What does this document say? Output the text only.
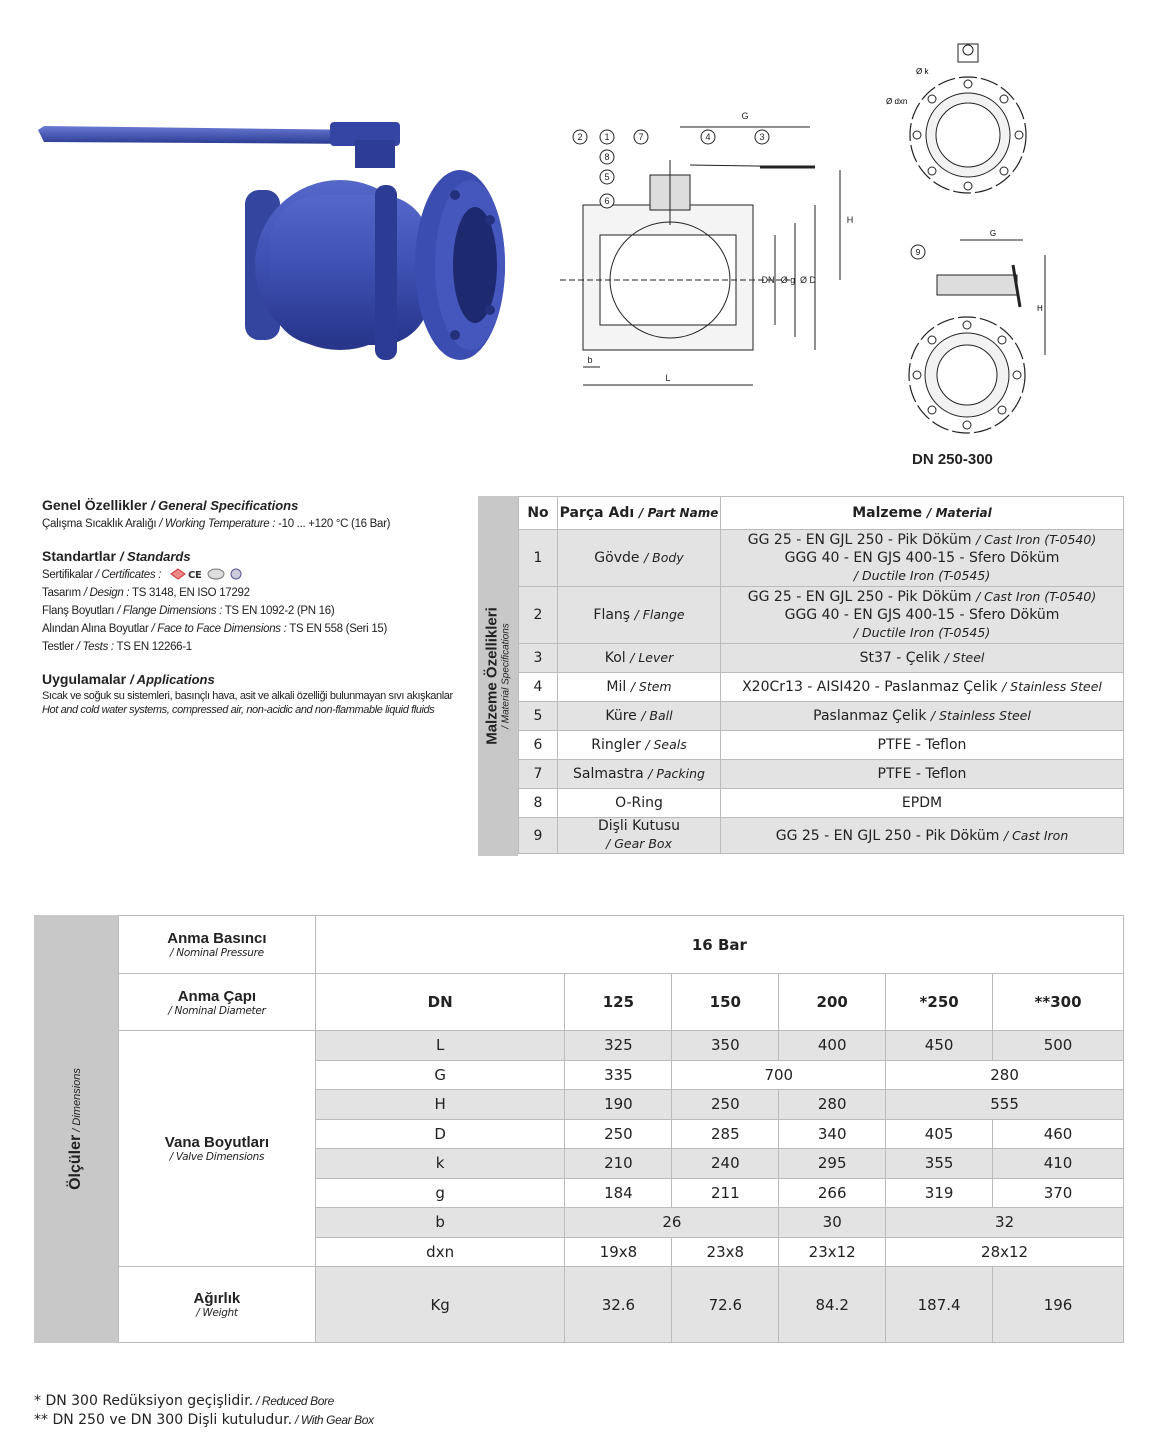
2 1	7	4	3
8
5
6
G
H
DN Ø g Ø D
b
L
Ø k
Ø dxn
9
G
H
DN 250-300
Genel Özellikler / General Specifications
Çalışma Sıcaklık Aralığı / Working Temperature : -10 ... +120 °C (16 Bar)
Standartlar / Standards
Sertifikalar / Certificates :	CE
Tasarım / Design : TS 3148, EN ISO 17292
Flanş Boyutları / Flange Dimensions : TS EN 1092-2 (PN 16)
Alından Alına Boyutlar / Face to Face Dimensions : TS EN 558 (Seri 15)
Testler / Tests : TS EN 12266-1
Uygulamalar / Applications
Sıcak ve soğuk su sistemleri, basınçlı hava, asit ve alkali özelliği bulunmayan sıvı akışkanlar
Hot and cold water systems, compressed air, non-acidic and non-flammable liquid fluids	Malzeme Özellikleri / Material Specifications
No	Parça Adı / Part Name	Malzeme / Material
1	Gövde / Body	GG 25 - EN GJL 250 - Pik Döküm / Cast Iron (T-0540)
GGG 40 - EN GJS 400-15 - Sfero Döküm
/ Ductile Iron (T-0545)
2	Flanş / Flange	GG 25 - EN GJL 250 - Pik Döküm / Cast Iron (T-0540)
GGG 40 - EN GJS 400-15 - Sfero Döküm
/ Ductile Iron (T-0545)
3	Kol / Lever	St37 - Çelik / Steel
4	Mil / Stem	X20Cr13 - AISI420 - Paslanmaz Çelik / Stainless Steel
5	Küre / Ball	Paslanmaz Çelik / Stainless Steel
6	Ringler / Seals	PTFE - Teflon
7	Salmastra / Packing	PTFE - Teflon
8	O-Ring	EPDM
9	Dişli Kutusu
/ Gear Box	GG 25 - EN GJL 250 - Pik Döküm / Cast Iron
Ölçüler / Dimensions
Anma Basıncı
/ Nominal Pressure	16 Bar					

Anma Çapı
/ Nominal Diameter	DN	125	150	200	*250	**300

Vana Boyutları
/ Valve Dimensions	L	325	350	400	450	500
	G	335	700		280	
	H	190	250	280	555	
	D	250	285	340	405	460
	k	210	240	295	355	410
	g	184	211	266	319	370
	b	26		30	32	
	dxn	19x8	23x8	23x12	28x12	

Ağırlık
/ Weight	Kg	32.6	72.6	84.2	187.4	196
* DN 300 Redüksiyon geçişlidir. / Reduced Bore
** DN 250 ve DN 300 Dişli kutuludur. / With Gear Box
